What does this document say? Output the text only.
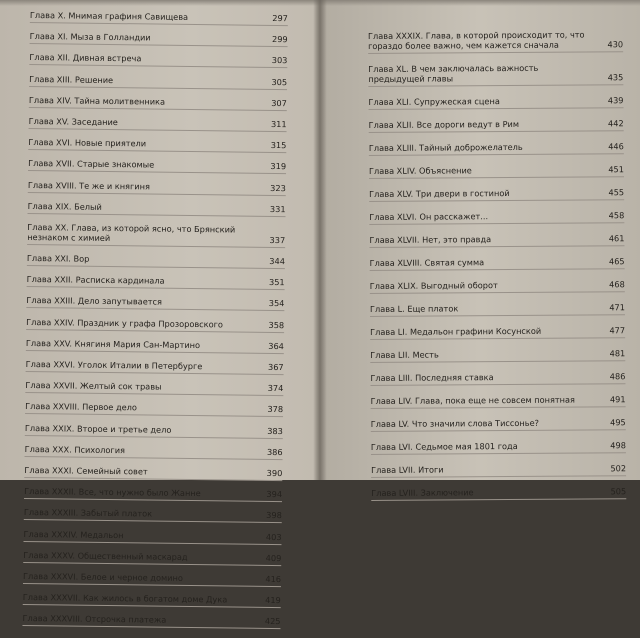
Глава X. Мнимая графиня Савищева	297
Глава XI. Мыза в Голландии	299
Глава XII. Дивная встреча	303
Глава XIII. Решение	305
Глава XIV. Тайна молитвенника	307
Глава XV. Заседание	311
Глава XVI. Новые приятели	315
Глава XVII. Старые знакомые	319
Глава XVIII. Те же и княгиня	323
Глава XIX. Белый	331
Глава XX. Глава, из которой ясно, что Брянский незнаком с химией	337
Глава XXI. Вор	344
Глава XXII. Расписка кардинала	351
Глава XXIII. Дело запутывается	354
Глава XXIV. Праздник у графа Прозоровского	358
Глава XXV. Княгиня Мария Сан-Мартино	364
Глава XXVI. Уголок Италии в Петербурге	367
Глава XXVII. Желтый сок травы	374
Глава XXVIII. Первое дело	378
Глава XXIX. Второе и третье дело	383
Глава XXX. Психология	386
Глава XXXI. Семейный совет	390
Глава XXXII. Все, что нужно было Жанне	394
Глава XXXIII. Забытый платок	398
Глава XXXIV. Медальон	403
Глава XXXV. Общественный маскарад	409
Глава XXXVI. Белое и черное домино	416
Глава XXXVII. Как жилось в богатом доме Дука	419
Глава XXXVIII. Отсрочка платежа	425
Глава XXXIX. Глава, в которой происходит то, что гораздо более важно, чем кажется сначала	430
Глава XL. В чем заключалась важность предыдущей главы	435
Глава XLI. Супружеская сцена	439
Глава XLII. Все дороги ведут в Рим	442
Глава XLIII. Тайный доброжелатель	446
Глава XLIV. Объяснение	451
Глава XLV. Три двери в гостиной	455
Глава XLVI. Он расскажет...	458
Глава XLVII. Нет, это правда	461
Глава XLVIII. Святая сумма	465
Глава XLIX. Выгодный оборот	468
Глава L. Еще платок	471
Глава LI. Медальон графини Косунской	477
Глава LII. Месть	481
Глава LIII. Последняя ставка	486
Глава LIV. Глава, пока еще не совсем понятная	491
Глава LV. Что значили слова Тиссонье?	495
Глава LVI. Седьмое мая 1801 года	498
Глава LVII. Итоги	502
Глава LVIII. Заключение	505
